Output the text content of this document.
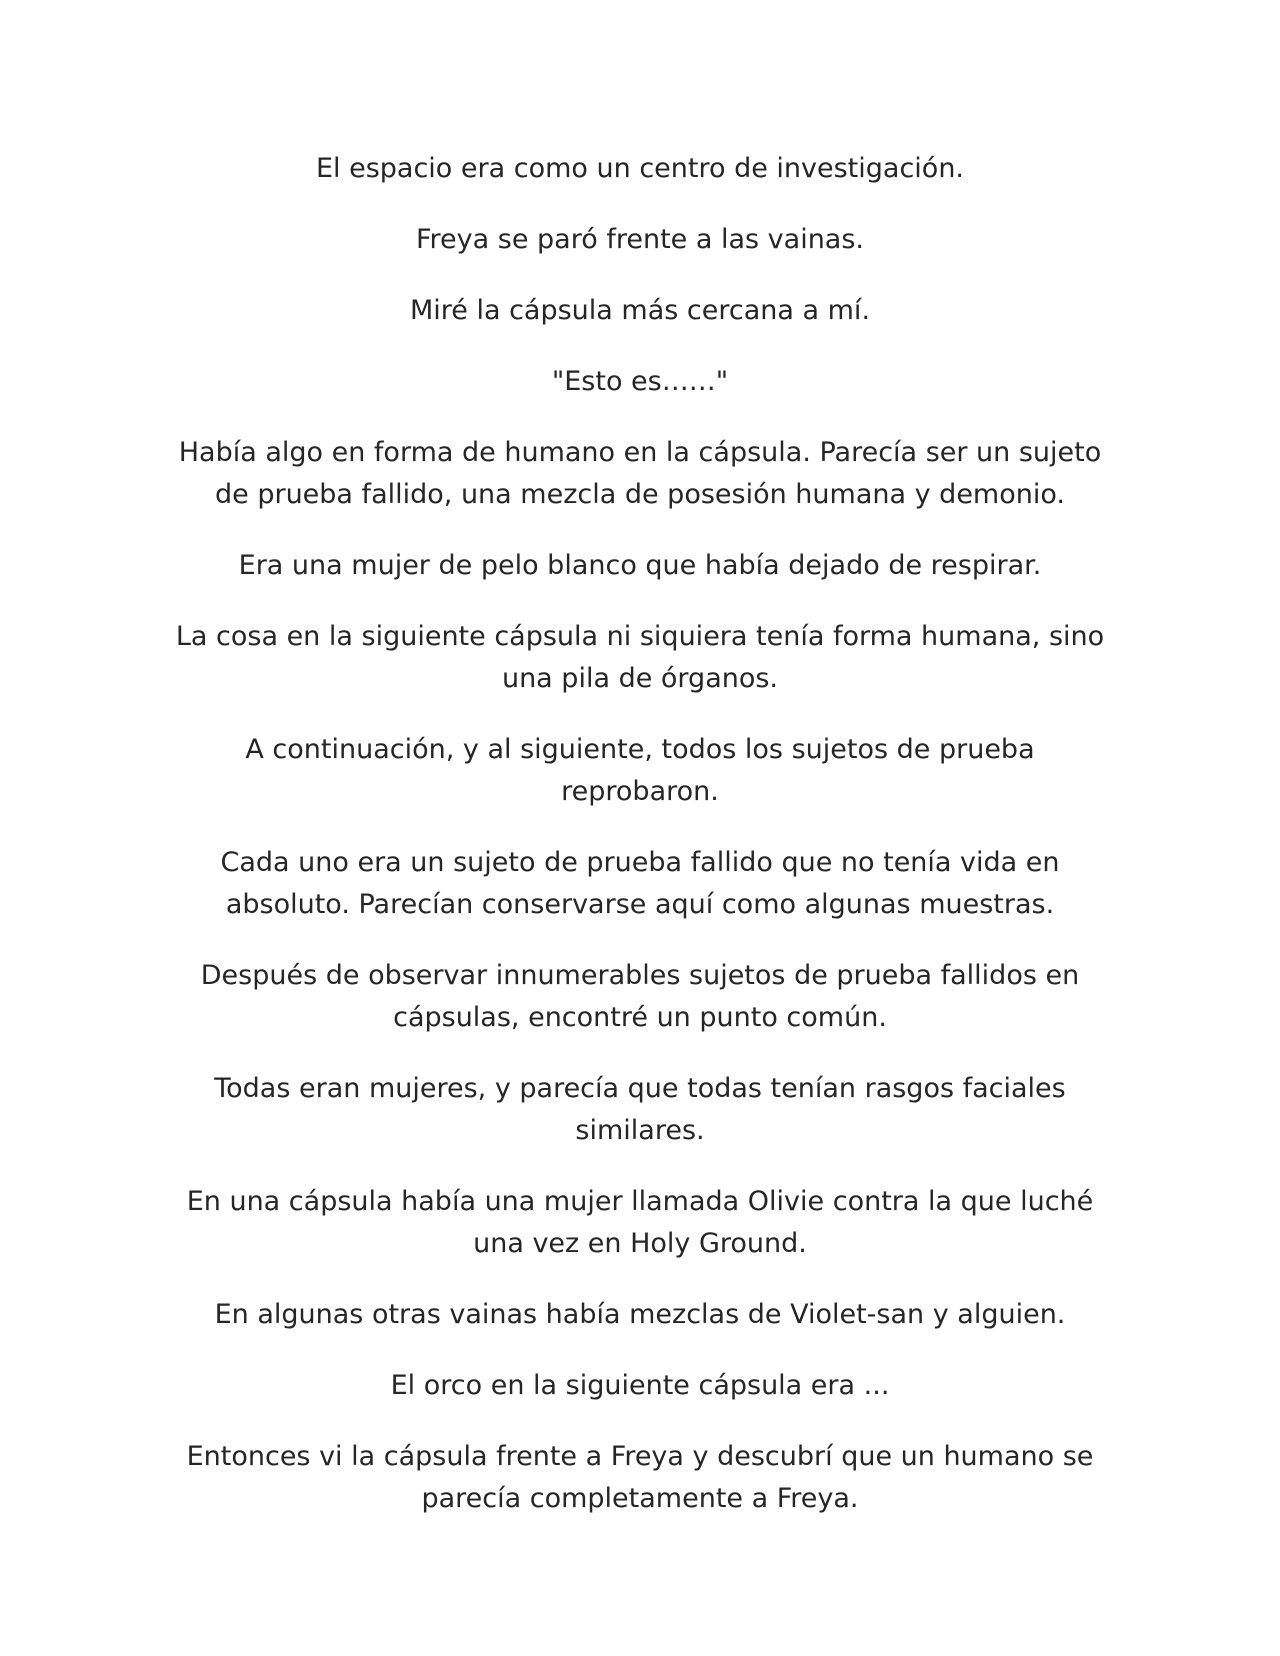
El espacio era como un centro de investigación.

Freya se paró frente a las vainas.

Miré la cápsula más cercana a mí.

"Esto es……"

Había algo en forma de humano en la cápsula. Parecía ser un sujeto de prueba fallido, una mezcla de posesión humana y demonio.

Era una mujer de pelo blanco que había dejado de respirar.

La cosa en la siguiente cápsula ni siquiera tenía forma humana, sino una pila de órganos.

A continuación, y al siguiente, todos los sujetos de prueba reprobaron.

Cada uno era un sujeto de prueba fallido que no tenía vida en absoluto. Parecían conservarse aquí como algunas muestras.

Después de observar innumerables sujetos de prueba fallidos en cápsulas, encontré un punto común.

Todas eran mujeres, y parecía que todas tenían rasgos faciales similares.

En una cápsula había una mujer llamada Olivie contra la que luché una vez en Holy Ground.

En algunas otras vainas había mezclas de Violet-san y alguien.

El orco en la siguiente cápsula era ...

Entonces vi la cápsula frente a Freya y descubrí que un humano se parecía completamente a Freya.
